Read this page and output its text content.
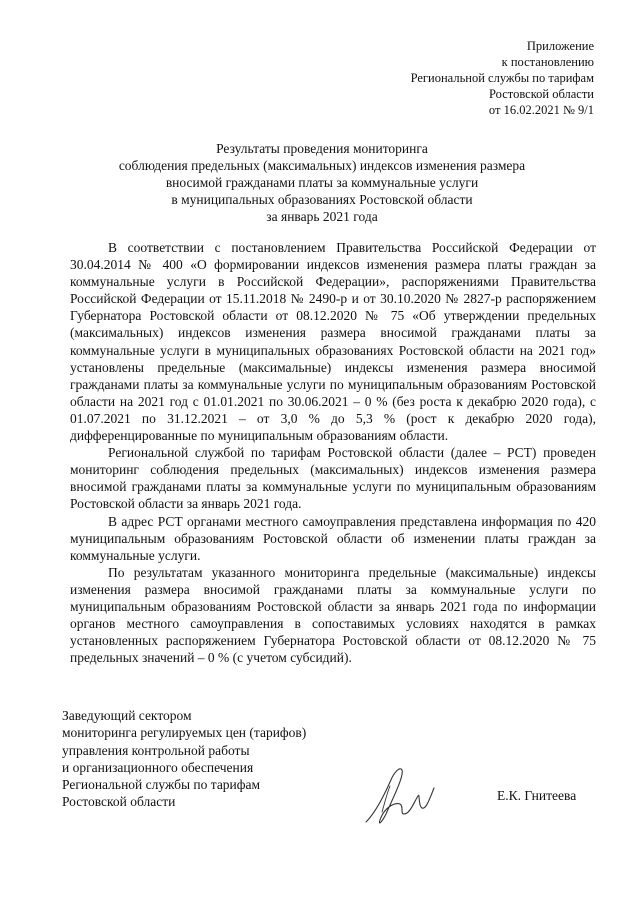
Приложение
к постановлению
Региональной службы по тарифам
Ростовской области
от 16.02.2021 № 9/1
Результаты проведения мониторинга
соблюдения предельных (максимальных) индексов изменения размера
вносимой гражданами платы за коммунальные услуги
в муниципальных образованиях Ростовской области
за январь 2021 года

В соответствии с постановлением Правительства Российской Федерации от 30.04.2014 № 400 «О формировании индексов изменения размера платы граждан за коммунальные услуги в Российской Федерации», распоряжениями Правительства Российской Федерации от 15.11.2018 № 2490-р и от 30.10.2020 № 2827-р распоряжением Губернатора Ростовской области от 08.12.2020 № 75 «Об утверждении предельных (максимальных) индексов изменения размера вносимой гражданами платы за коммунальные услуги в муниципальных образованиях Ростовской области на 2021 год» установлены предельные (максимальные) индексы изменения размера вносимой гражданами платы за коммунальные услуги по муниципальным образованиям Ростовской области на 2021 год с 01.01.2021 по 30.06.2021 – 0 % (без роста к декабрю 2020 года), с 01.07.2021 по 31.12.2021 – от 3,0 % до 5,3 % (рост к декабрю 2020 года), дифференцированные по муниципальным образованиям области.

Региональной службой по тарифам Ростовской области (далее – РСТ) проведен мониторинг соблюдения предельных (максимальных) индексов изменения размера вносимой гражданами платы за коммунальные услуги по муниципальным образованиям Ростовской области за январь 2021 года.

В адрес РСТ органами местного самоуправления представлена информация по 420 муниципальным образованиям Ростовской области об изменении платы граждан за коммунальные услуги.

По результатам указанного мониторинга предельные (максимальные) индексы изменения размера вносимой гражданами платы за коммунальные услуги по муниципальным образованиям Ростовской области за январь 2021 года по информации органов местного самоуправления в сопоставимых условиях находятся в рамках установленных распоряжением Губернатора Ростовской области от 08.12.2020 № 75 предельных значений – 0 % (с учетом субсидий).

Заведующий сектором
мониторинга регулируемых цен (тарифов)
управления контрольной работы
и организационного обеспечения
Региональной службы по тарифам
Ростовской области	Е.К. Гнитеева
